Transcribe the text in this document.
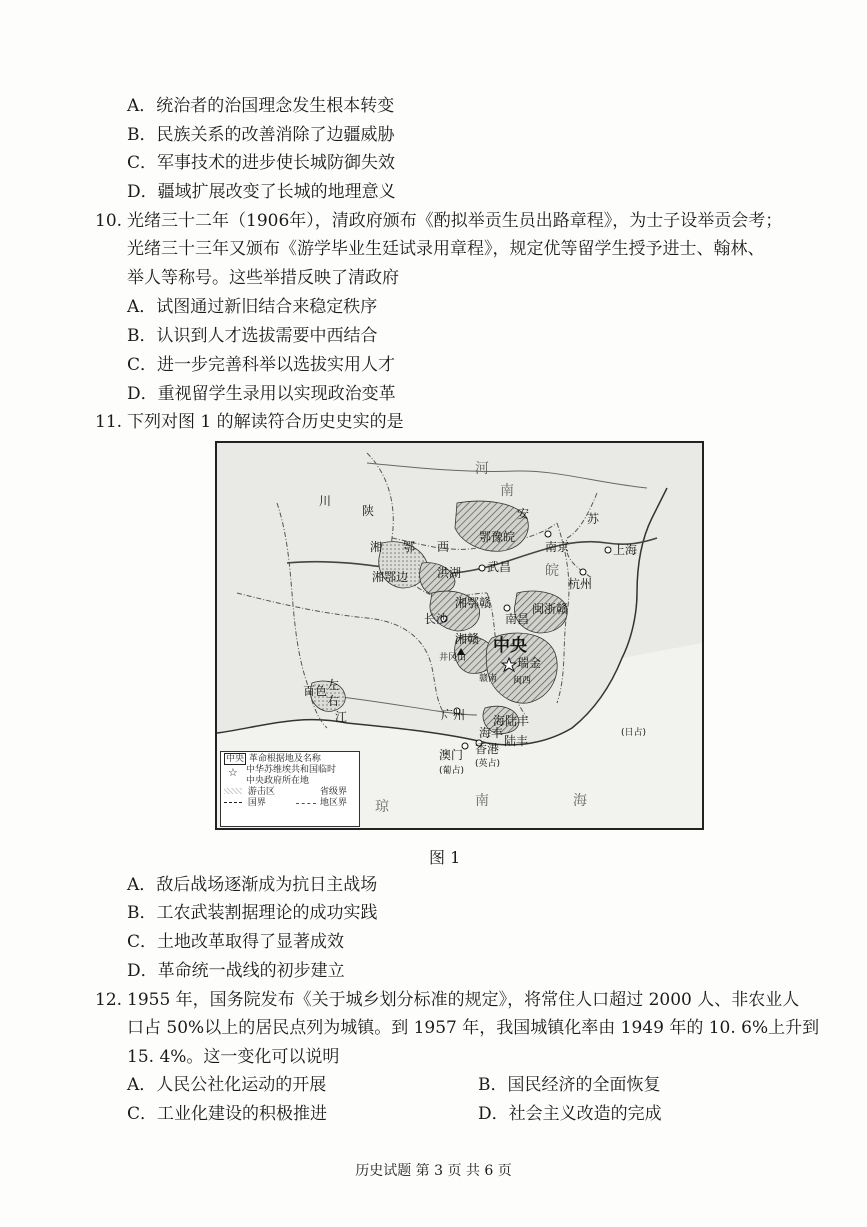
A．统治者的治国理念发生根本转变
B．民族关系的改善消除了边疆威胁
C．军事技术的进步使长城防御失效
D．疆域扩展改变了长城的地理意义
10. 光绪三十二年（1906年），清政府颁布《酌拟举贡生员出路章程》，为士子设举贡会考；
光绪三十三年又颁布《游学毕业生廷试录用章程》，规定优等留学生授予进士、翰林、
举人等称号。这些举措反映了清政府
A．试图通过新旧结合来稳定秩序
B．认识到人才选拔需要中西结合
C．进一步完善科举以选拔实用人才
D．重视留学生录用以实现政治变革
11. 下列对图 1 的解读符合历史史实的是
河
南
陕
川
湘 鄂 西
鄂豫皖
南京	上海
杭州
武昌
洪湖
湘鄂边
湘鄂赣	闽浙赣
长沙	南昌
湘赣 中央
瑞金
井冈山
赣南 闽西
百色 左
右
江	广州
海丰
海陆丰
陆丰
澳门
(葡占)
香港
(英占)
(日占)
南	海
琼
安
皖
苏
中央 革命根据地及名称
☆ 中华苏维埃共和国临时
中央政府所在地
游击区	省级界
国界	地区界
图 1
A．敌后战场逐渐成为抗日主战场
B．工农武装割据理论的成功实践
C．土地改革取得了显著成效
D．革命统一战线的初步建立
12. 1955 年，国务院发布《关于城乡划分标准的规定》，将常住人口超过 2000 人、非农业人
口占 50%以上的居民点列为城镇。到 1957 年，我国城镇化率由 1949 年的 10. 6%上升到
15. 4%。这一变化可以说明
A．人民公社化运动的开展	B．国民经济的全面恢复
C．工业化建设的积极推进	D．社会主义改造的完成
历史试题 第 3 页 共 6 页
